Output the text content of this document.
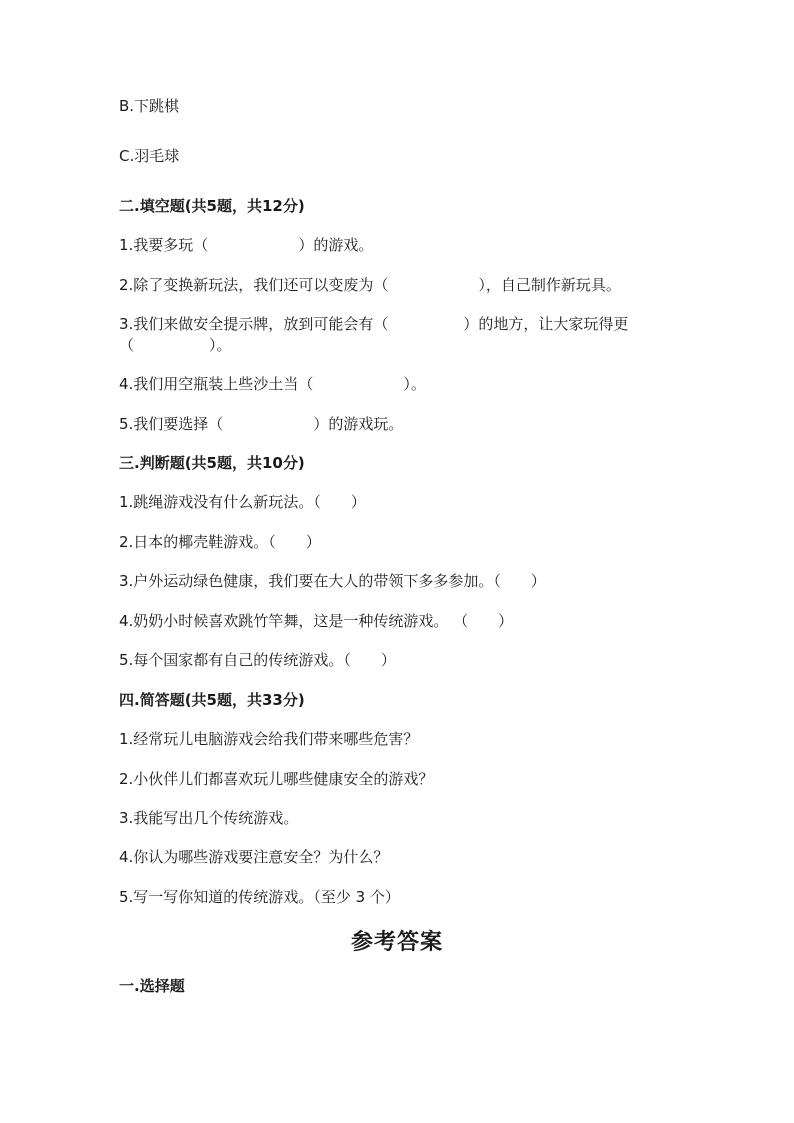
B.下跳棋
C.羽毛球
二.填空题(共5题，共12分)
1.我要多玩（　　　　　　）的游戏。
2.除了变换新玩法，我们还可以变废为（　　　　　　），自己制作新玩具。
3.我们来做安全提示牌，放到可能会有（　　　　　）的地方，让大家玩得更
（　　　　　）。
4.我们用空瓶装上些沙土当（　　　　　　）。
5.我们要选择（　　　　　　）的游戏玩。
三.判断题(共5题，共10分)
1.跳绳游戏没有什么新玩法。（　　）
2.日本的椰壳鞋游戏。（　　）
3.户外运动绿色健康，我们要在大人的带领下多多参加。（　　）
4.奶奶小时候喜欢跳竹竿舞，这是一种传统游戏。 （　　）
5.每个国家都有自己的传统游戏。（　　）
四.简答题(共5题，共33分)
1.经常玩儿电脑游戏会给我们带来哪些危害？
2.小伙伴儿们都喜欢玩儿哪些健康安全的游戏？
3.我能写出几个传统游戏。
4.你认为哪些游戏要注意安全？为什么？
5.写一写你知道的传统游戏。（至少 3 个）
参考答案
一.选择题
